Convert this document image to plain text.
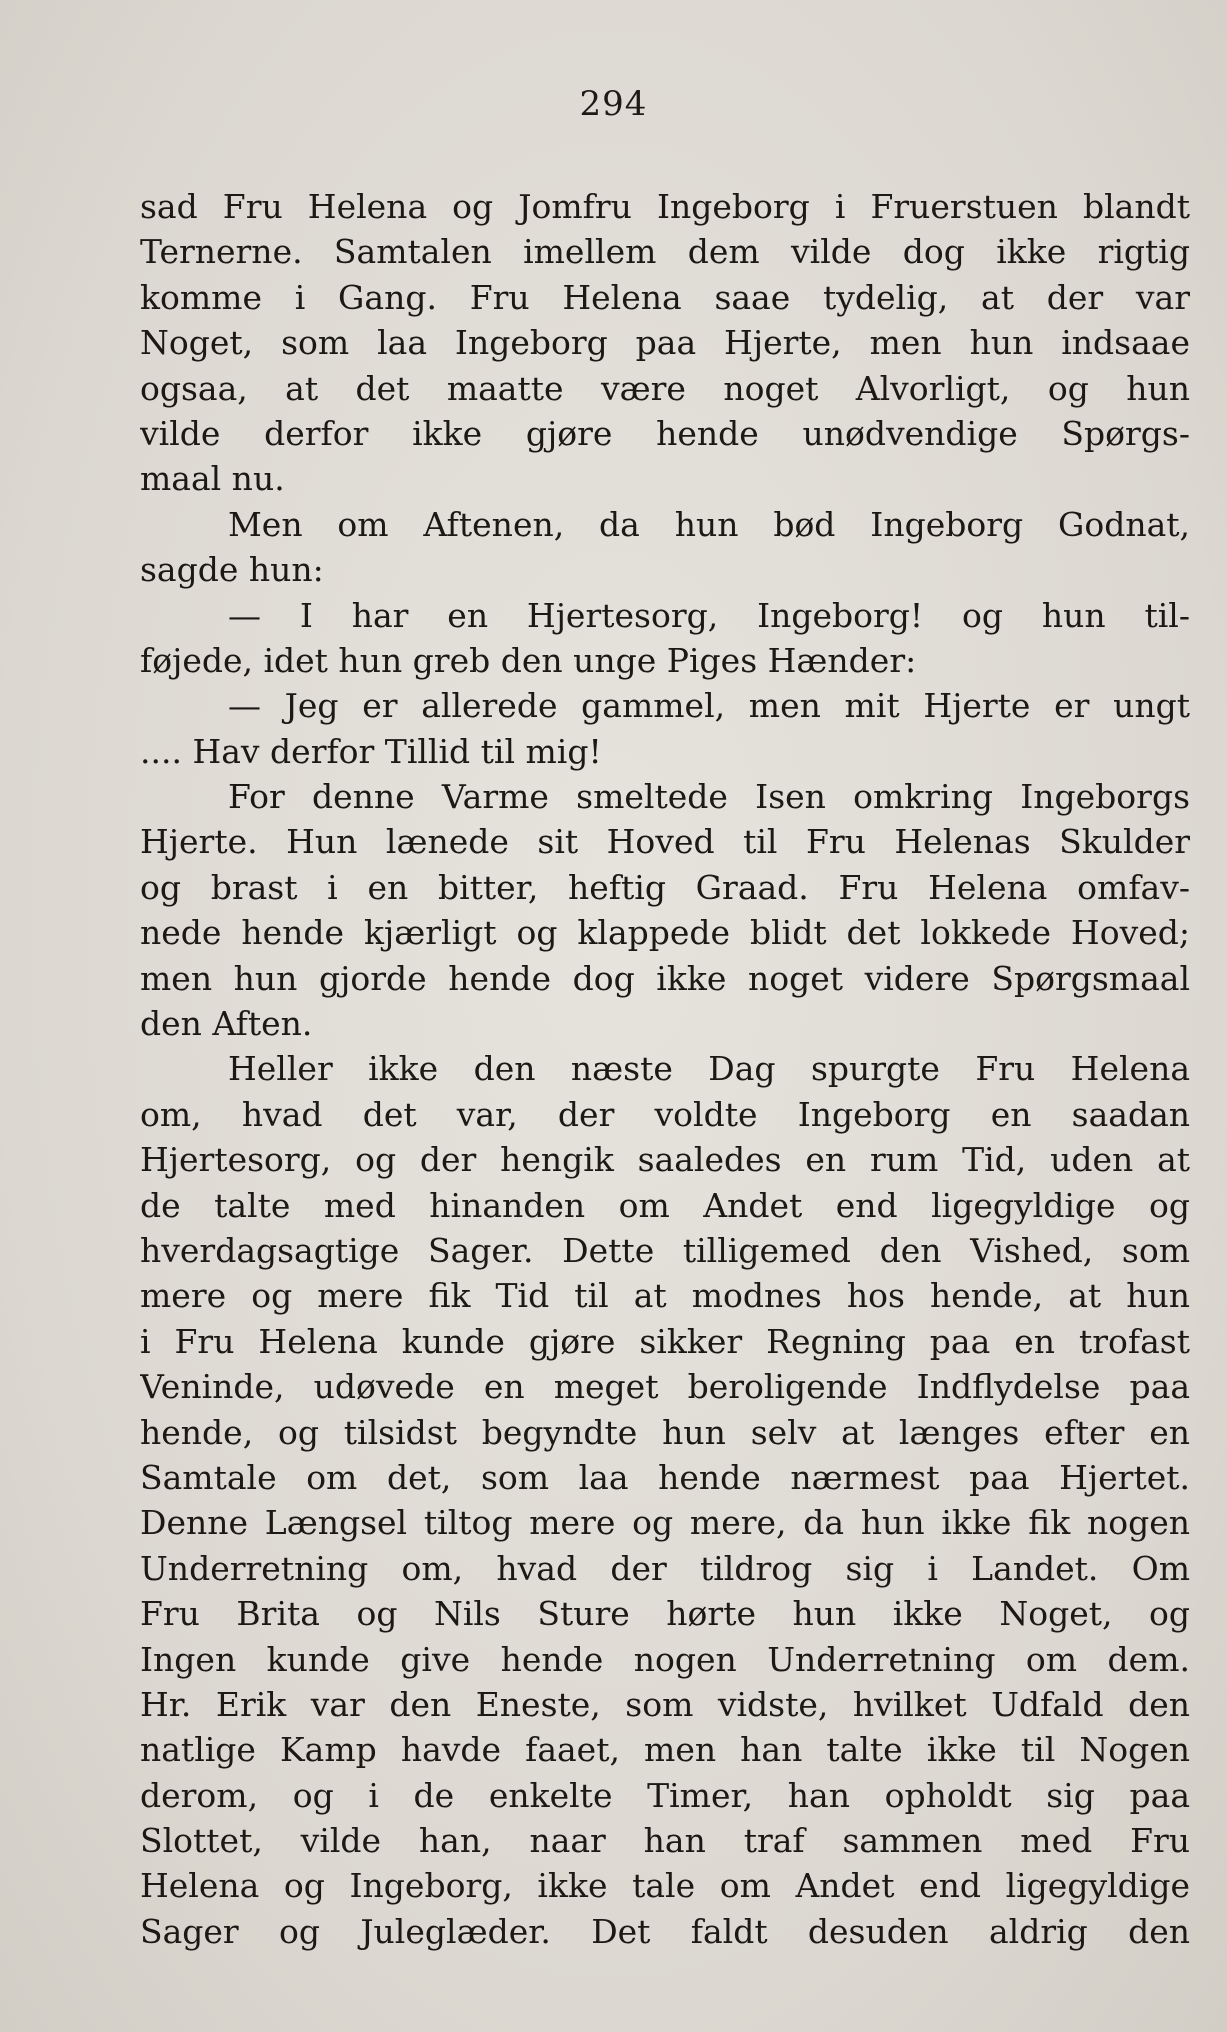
294
sad Fru Helena og Jomfru Ingeborg i Fruerstuen blandt
Ternerne. Samtalen imellem dem vilde dog ikke rigtig
komme i Gang. Fru Helena saae tydelig, at der var
Noget, som laa Ingeborg paa Hjerte, men hun indsaae
ogsaa, at det maatte være noget Alvorligt, og hun
vilde derfor ikke gjøre hende unødvendige Spørgs-
maal nu.
Men om Aftenen, da hun bød Ingeborg Godnat,
sagde hun:
— I har en Hjertesorg, Ingeborg! og hun til-
føjede, idet hun greb den unge Piges Hænder:
— Jeg er allerede gammel, men mit Hjerte er ungt
.... Hav derfor Tillid til mig!
For denne Varme smeltede Isen omkring Ingeborgs
Hjerte. Hun lænede sit Hoved til Fru Helenas Skulder
og brast i en bitter, heftig Graad. Fru Helena omfav-
nede hende kjærligt og klappede blidt det lokkede Hoved;
men hun gjorde hende dog ikke noget videre Spørgsmaal
den Aften.
Heller ikke den næste Dag spurgte Fru Helena
om, hvad det var, der voldte Ingeborg en saadan
Hjertesorg, og der hengik saaledes en rum Tid, uden at
de talte med hinanden om Andet end ligegyldige og
hverdagsagtige Sager. Dette tilligemed den Vished, som
mere og mere fik Tid til at modnes hos hende, at hun
i Fru Helena kunde gjøre sikker Regning paa en trofast
Veninde, udøvede en meget beroligende Indflydelse paa
hende, og tilsidst begyndte hun selv at længes efter en
Samtale om det, som laa hende nærmest paa Hjertet.
Denne Længsel tiltog mere og mere, da hun ikke fik nogen
Underretning om, hvad der tildrog sig i Landet. Om
Fru Brita og Nils Sture hørte hun ikke Noget, og
Ingen kunde give hende nogen Underretning om dem.
Hr. Erik var den Eneste, som vidste, hvilket Udfald den
natlige Kamp havde faaet, men han talte ikke til Nogen
derom, og i de enkelte Timer, han opholdt sig paa
Slottet, vilde han, naar han traf sammen med Fru
Helena og Ingeborg, ikke tale om Andet end ligegyldige
Sager og Juleglæder. Det faldt desuden aldrig den
